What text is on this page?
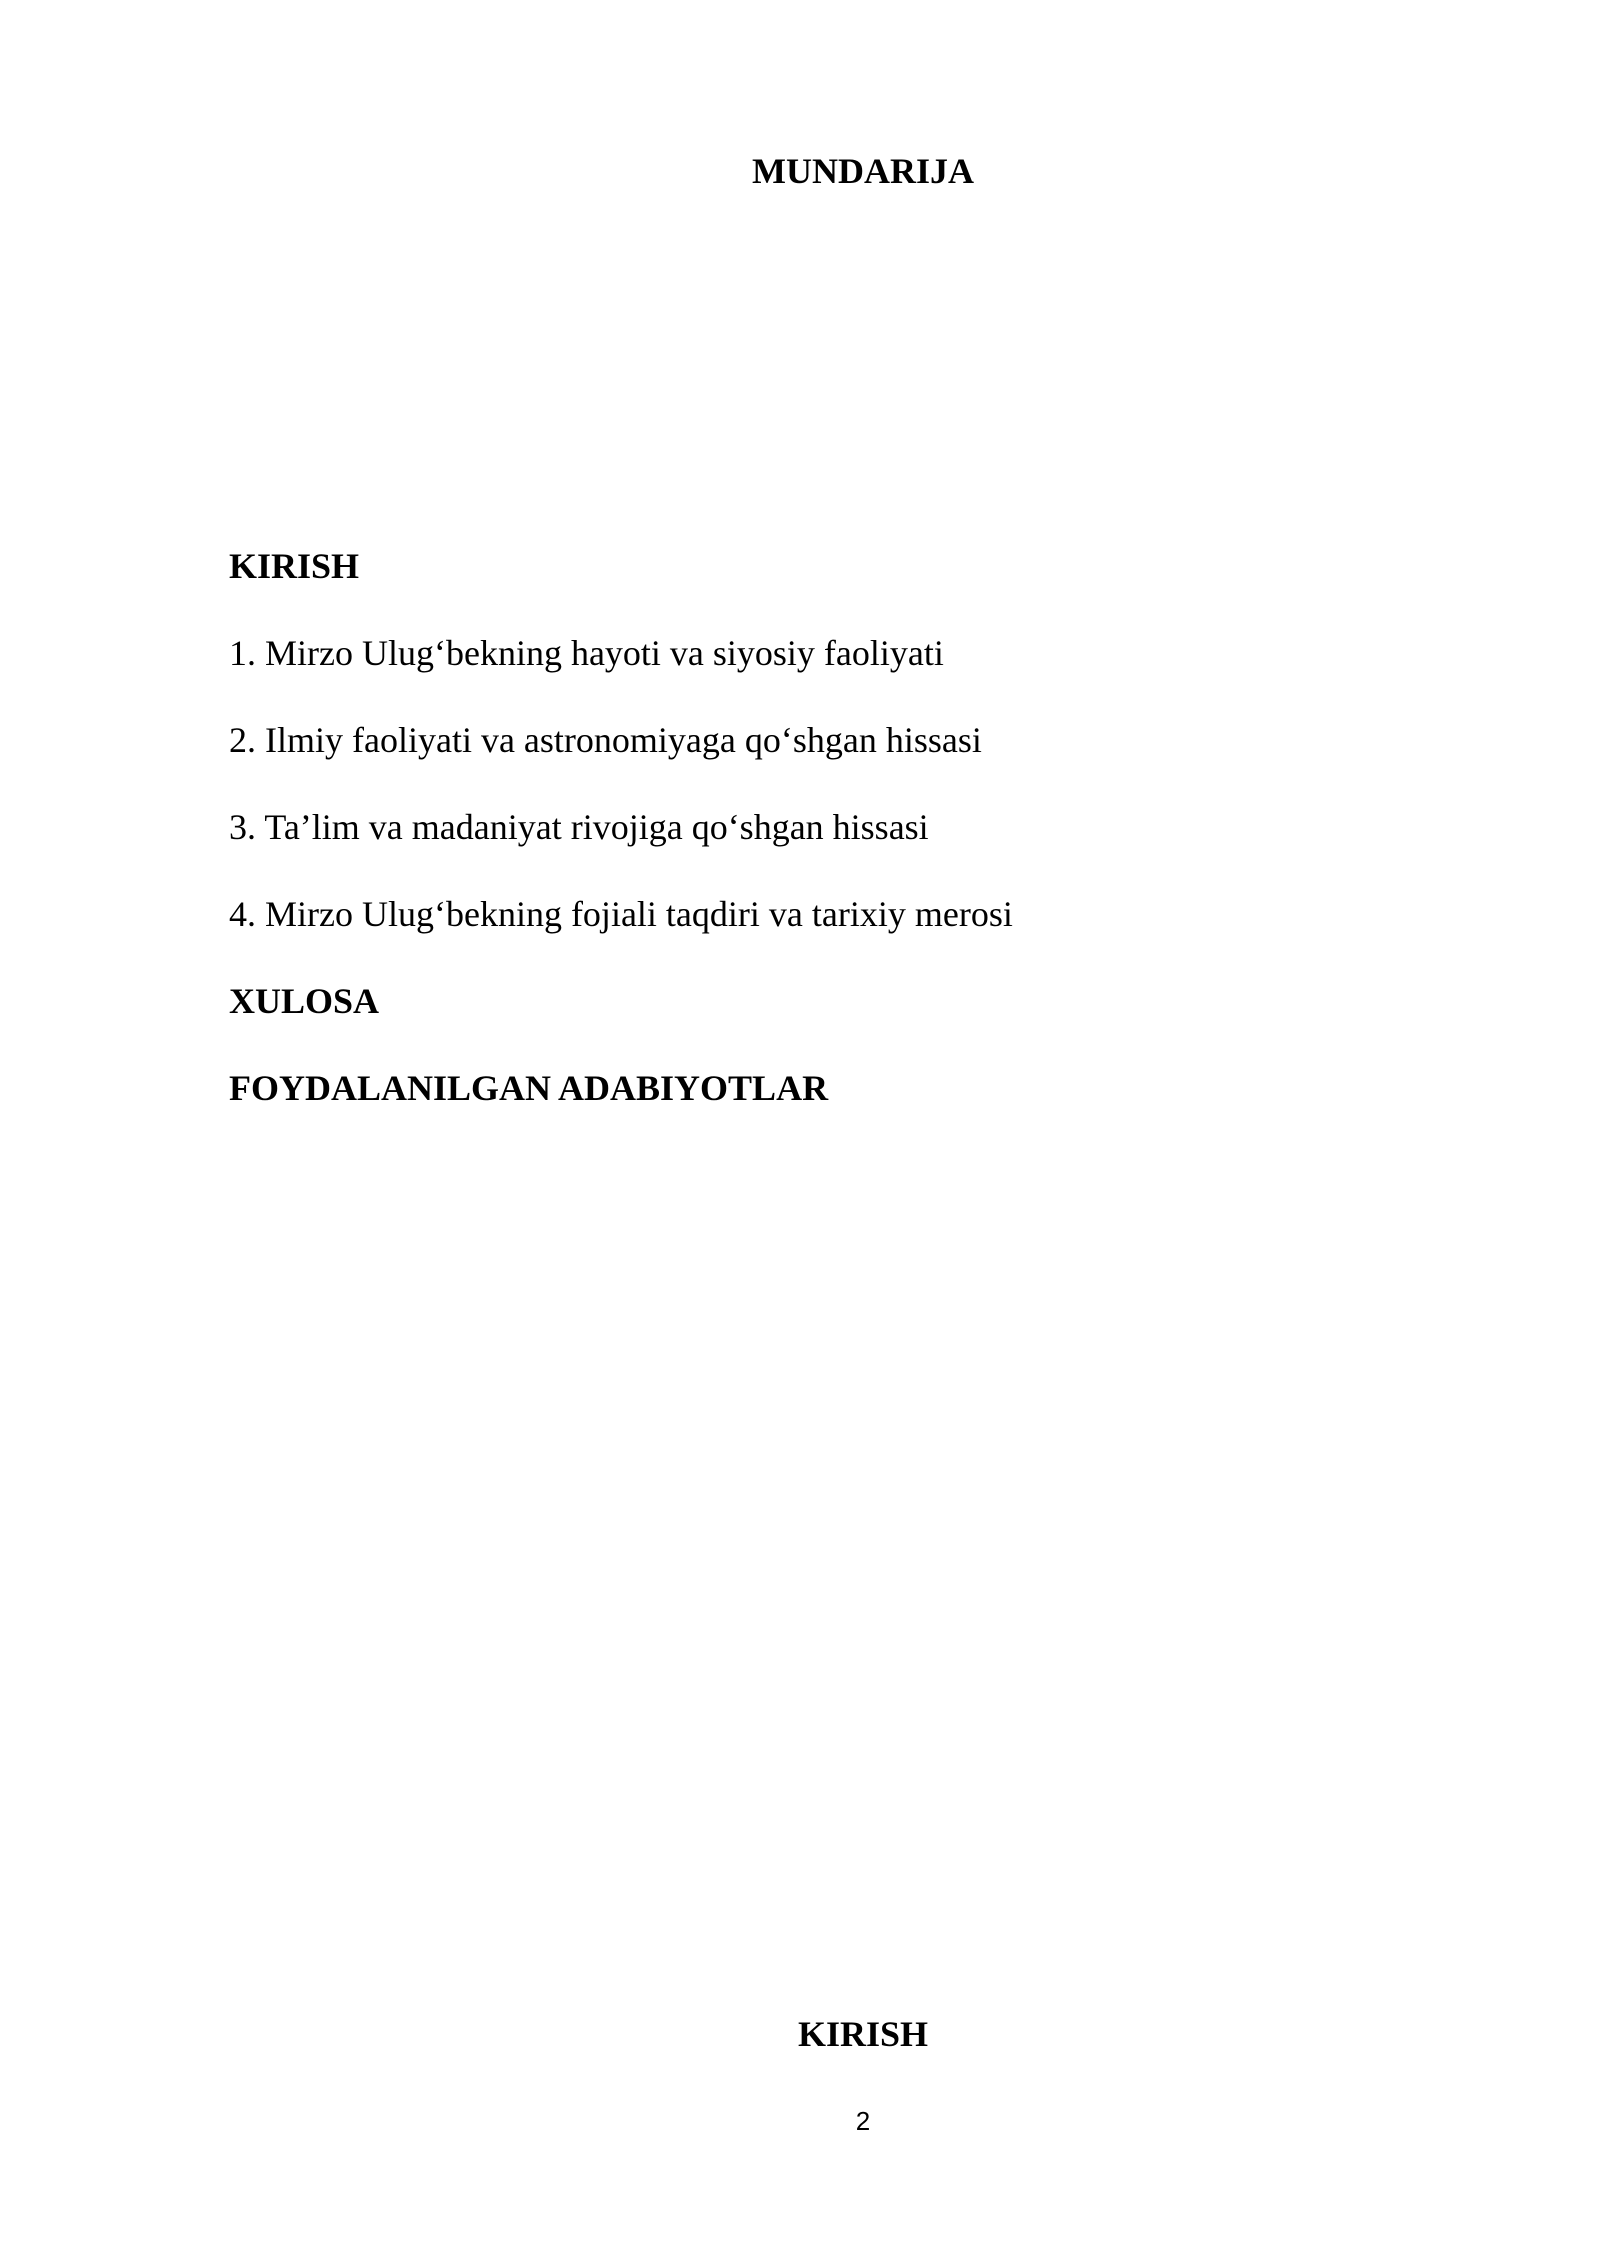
MUNDARIJA
KIRISH
1. Mirzo Ulug‘bekning hayoti va siyosiy faoliyati
2. Ilmiy faoliyati va astronomiyaga qo‘shgan hissasi
3. Ta’lim va madaniyat rivojiga qo‘shgan hissasi
4. Mirzo Ulug‘bekning fojiali taqdiri va tarixiy merosi
XULOSA
FOYDALANILGAN ADABIYOTLAR
KIRISH
2
